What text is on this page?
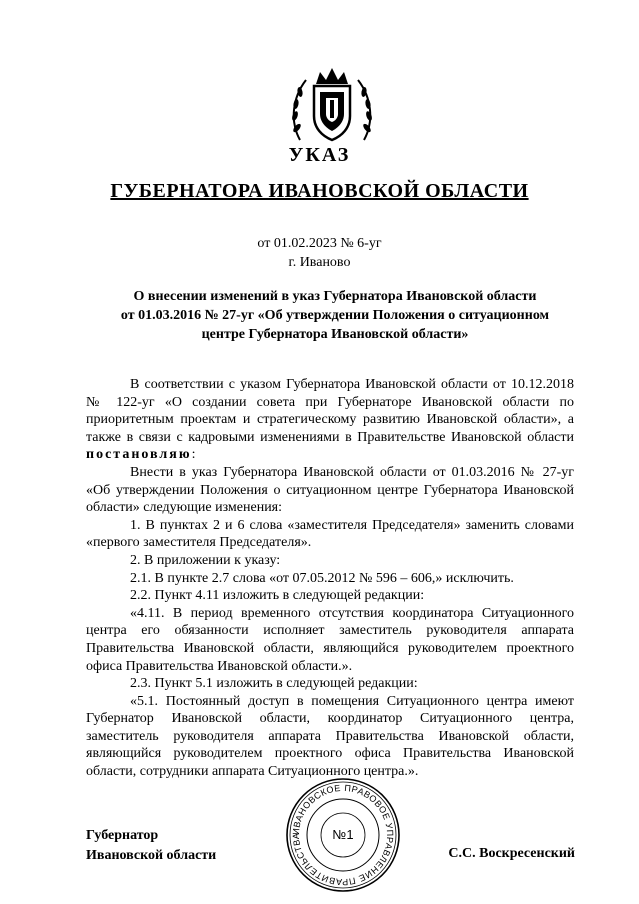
УКАЗ
ГУБЕРНАТОРА ИВАНОВСКОЙ ОБЛАСТИ
от 01.02.2023 № 6-уг
г. Иваново
О внесении изменений в указ Губернатора Ивановской области
от 01.03.2016 № 27-уг «Об утверждении Положения о ситуационном
центре Губернатора Ивановской области»

В соответствии с указом Губернатора Ивановской области от 10.12.2018 № 122-уг «О создании совета при Губернаторе Ивановской области по приоритетным проектам и стратегическому развитию Ивановской области», а также в связи с кадровыми изменениями в Правительстве Ивановской области постановляю:

Внести в указ Губернатора Ивановской области от 01.03.2016 № 27-уг «Об утверждении Положения о ситуационном центре Губернатора Ивановской области» следующие изменения:

1. В пунктах 2 и 6 слова «заместителя Председателя» заменить словами «первого заместителя Председателя».

2. В приложении к указу:

2.1. В пункте 2.7 слова «от 07.05.2012 № 596 – 606,» исключить.

2.2. Пункт 4.11 изложить в следующей редакции:

«4.11. В период временного отсутствия координатора Ситуационного центра его обязанности исполняет заместитель руководителя аппарата Правительства Ивановской области, являющийся руководителем проектного офиса Правительства Ивановской области.».

2.3. Пункт 5.1 изложить в следующей редакции:

«5.1. Постоянный доступ в помещения Ситуационного центра имеют Губернатор Ивановской области, координатор Ситуационного центра, заместитель руководителя аппарата Правительства Ивановской области, являющийся руководителем проектного офиса Правительства Ивановской области, сотрудники аппарата Ситуационного центра.».

Губернатор
Ивановской области
ИВАНОВСКОЕ ПРАВОВОЕ УПРАВЛЕНИЕ ПРАВИТЕЛЬСТВА	№1
С.С. Воскресенский
